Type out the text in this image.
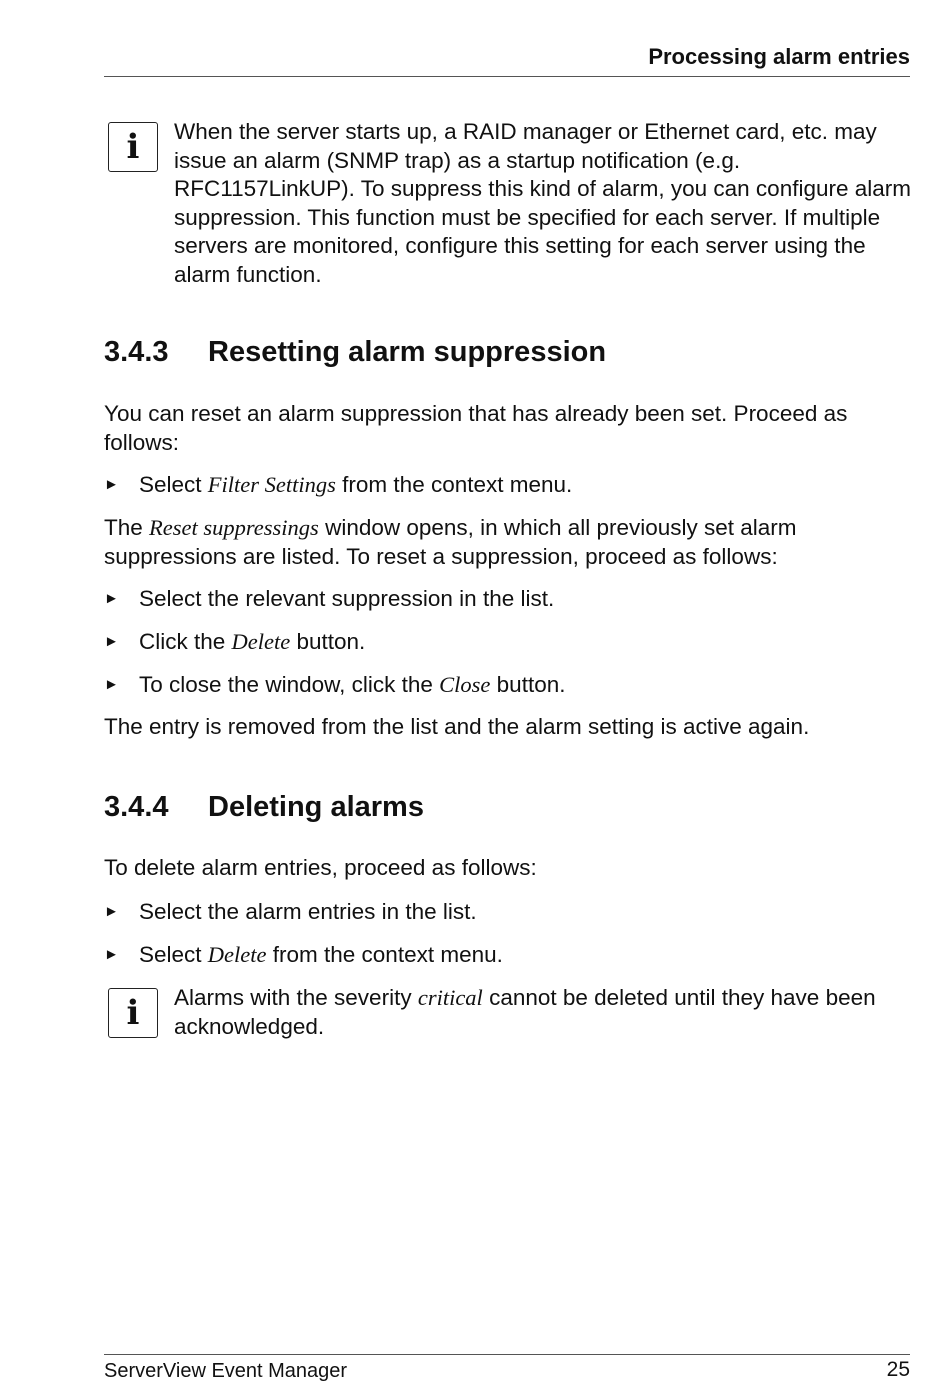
Processing alarm entries
i	When the server starts up, a RAID manager or Ethernet card, etc. may issue an alarm (SNMP trap) as a startup notification (e.g. RFC1157LinkUP). To suppress this kind of alarm, you can configure alarm suppression. This function must be specified for each server. If multiple servers are monitored, configure this setting for each server using the alarm function.
3.4.3 Resetting alarm suppression
You can reset an alarm suppression that has already been set. Proceed as follows:
► Select Filter Settings from the context menu.
The Reset suppressings window opens, in which all previously set alarm suppressions are listed. To reset a suppression, proceed as follows:
► Select the relevant suppression in the list.
► Click the Delete button.
► To close the window, click the Close button.
The entry is removed from the list and the alarm setting is active again.
3.4.4 Deleting alarms
To delete alarm entries, proceed as follows:
► Select the alarm entries in the list.
► Select Delete from the context menu.
i	Alarms with the severity critical cannot be deleted until they have been acknowledged.
ServerView Event Manager	25
